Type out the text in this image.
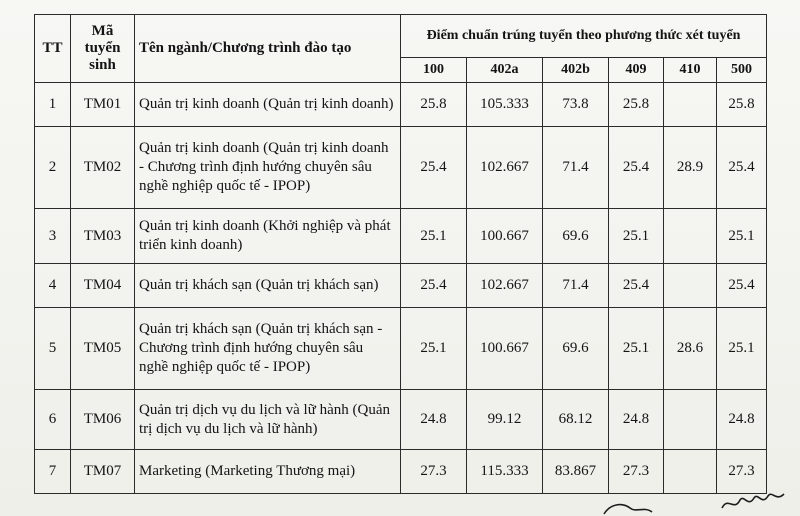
TT	Mã tuyển sinh	Tên ngành/Chương trình đào tạo	Điểm chuẩn trúng tuyển theo phương thức xét tuyển					
			100	402a	402b	409	410	500
1	TM01	Quản trị kinh doanh (Quản trị kinh doanh)	25.8	105.333	73.8	25.8		25.8
2	TM02	Quản trị kinh doanh (Quản trị kinh doanh - Chương trình định hướng chuyên sâu nghề nghiệp quốc tế - IPOP)	25.4	102.667	71.4	25.4	28.9	25.4
3	TM03	Quản trị kinh doanh (Khởi nghiệp và phát triển kinh doanh)	25.1	100.667	69.6	25.1		25.1
4	TM04	Quản trị khách sạn (Quản trị khách sạn)	25.4	102.667	71.4	25.4		25.4
5	TM05	Quản trị khách sạn (Quản trị khách sạn - Chương trình định hướng chuyên sâu nghề nghiệp quốc tế - IPOP)	25.1	100.667	69.6	25.1	28.6	25.1
6	TM06	Quản trị dịch vụ du lịch và lữ hành (Quản trị dịch vụ du lịch và lữ hành)	24.8	99.12	68.12	24.8		24.8
7	TM07	Marketing (Marketing Thương mại)	27.3	115.333	83.867	27.3		27.3
